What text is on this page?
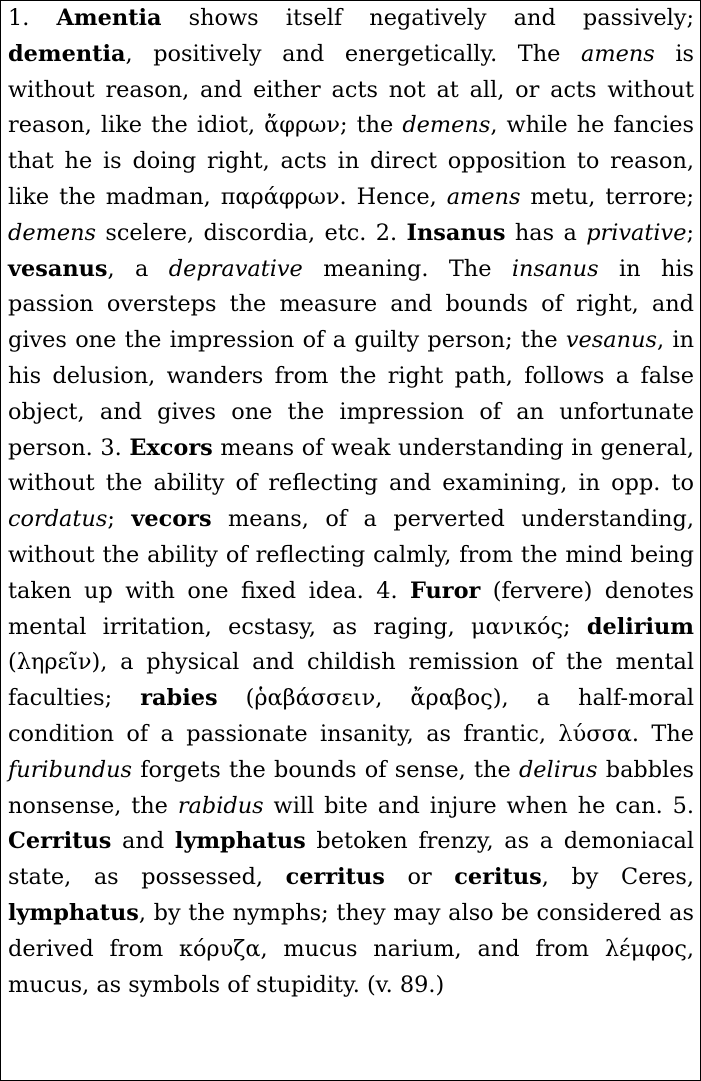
1. Amentia shows itself negatively and passively; dementia, positively and energetically. The amens is without reason, and either acts not at all, or acts without reason, like the idiot, ἄφρων; the demens, while he fancies that he is doing right, acts in direct opposition to reason, like the madman, παράφρων. Hence, amens metu, terrore; demens scelere, discordia, etc. 2. Insanus has a privative; vesanus, a depravative meaning. The insanus in his passion oversteps the measure and bounds of right, and gives one the impression of a guilty person; the vesanus, in his delusion, wanders from the right path, follows a false object, and gives one the impression of an unfortunate person. 3. Excors means of weak understanding in general, without the ability of reflecting and examining, in opp. to cordatus; vecors means, of a perverted understanding, without the ability of reflecting calmly, from the mind being taken up with one fixed idea. 4. Furor (fervere) denotes mental irritation, ecstasy, as raging, μανικός; delirium (ληρεῖν), a physical and childish remission of the mental faculties; rabies (ῥαβάσσειν, ἄραβος), a half-moral condition of a passionate insanity, as frantic, λύσσα. The furibundus forgets the bounds of sense, the delirus babbles nonsense, the rabidus will bite and injure when he can. 5. Cerritus and lymphatus betoken frenzy, as a demoniacal state, as possessed, cerritus or ceritus, by Ceres, lymphatus, by the nymphs; they may also be considered as derived from κόρυζα, mucus narium, and from λέμφος, mucus, as symbols of stupidity. (v. 89.)
